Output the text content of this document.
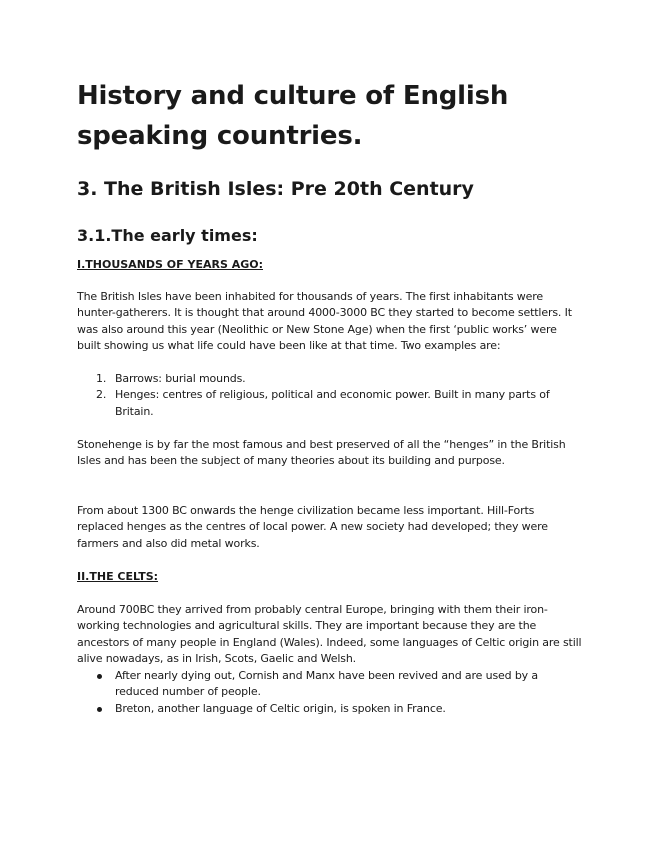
History and culture of English speaking countries.
3. The British Isles: Pre 20th Century
3.1.The early times:
I.THOUSANDS OF YEARS AGO:

The British Isles have been inhabited for thousands of years. The first inhabitants were hunter-gatherers. It is thought that around 4000-3000 BC they started to become settlers. It was also around this year (Neolithic or New Stone Age) when the first ‘public works’ were built showing us what life could have been like at that time. Two examples are:

1. Barrows: burial mounds.
2. Henges: centres of religious, political and economic power. Built in many parts of Britain.

Stonehenge is by far the most famous and best preserved of all the “henges” in the British Isles and has been the subject of many theories about its building and purpose.

From about 1300 BC onwards the henge civilization became less important. Hill-Forts replaced henges as the centres of local power. A new society had developed; they were farmers and also did metal works.

II.THE CELTS:

Around 700BC they arrived from probably central Europe, bringing with them their iron-working technologies and agricultural skills. They are important because they are the ancestors of many people in England (Wales). Indeed, some languages of Celtic origin are still alive nowadays, as in Irish, Scots, Gaelic and Welsh.

After nearly dying out, Cornish and Manx have been revived and are used by a reduced number of people.
Breton, another language of Celtic origin, is spoken in France.
